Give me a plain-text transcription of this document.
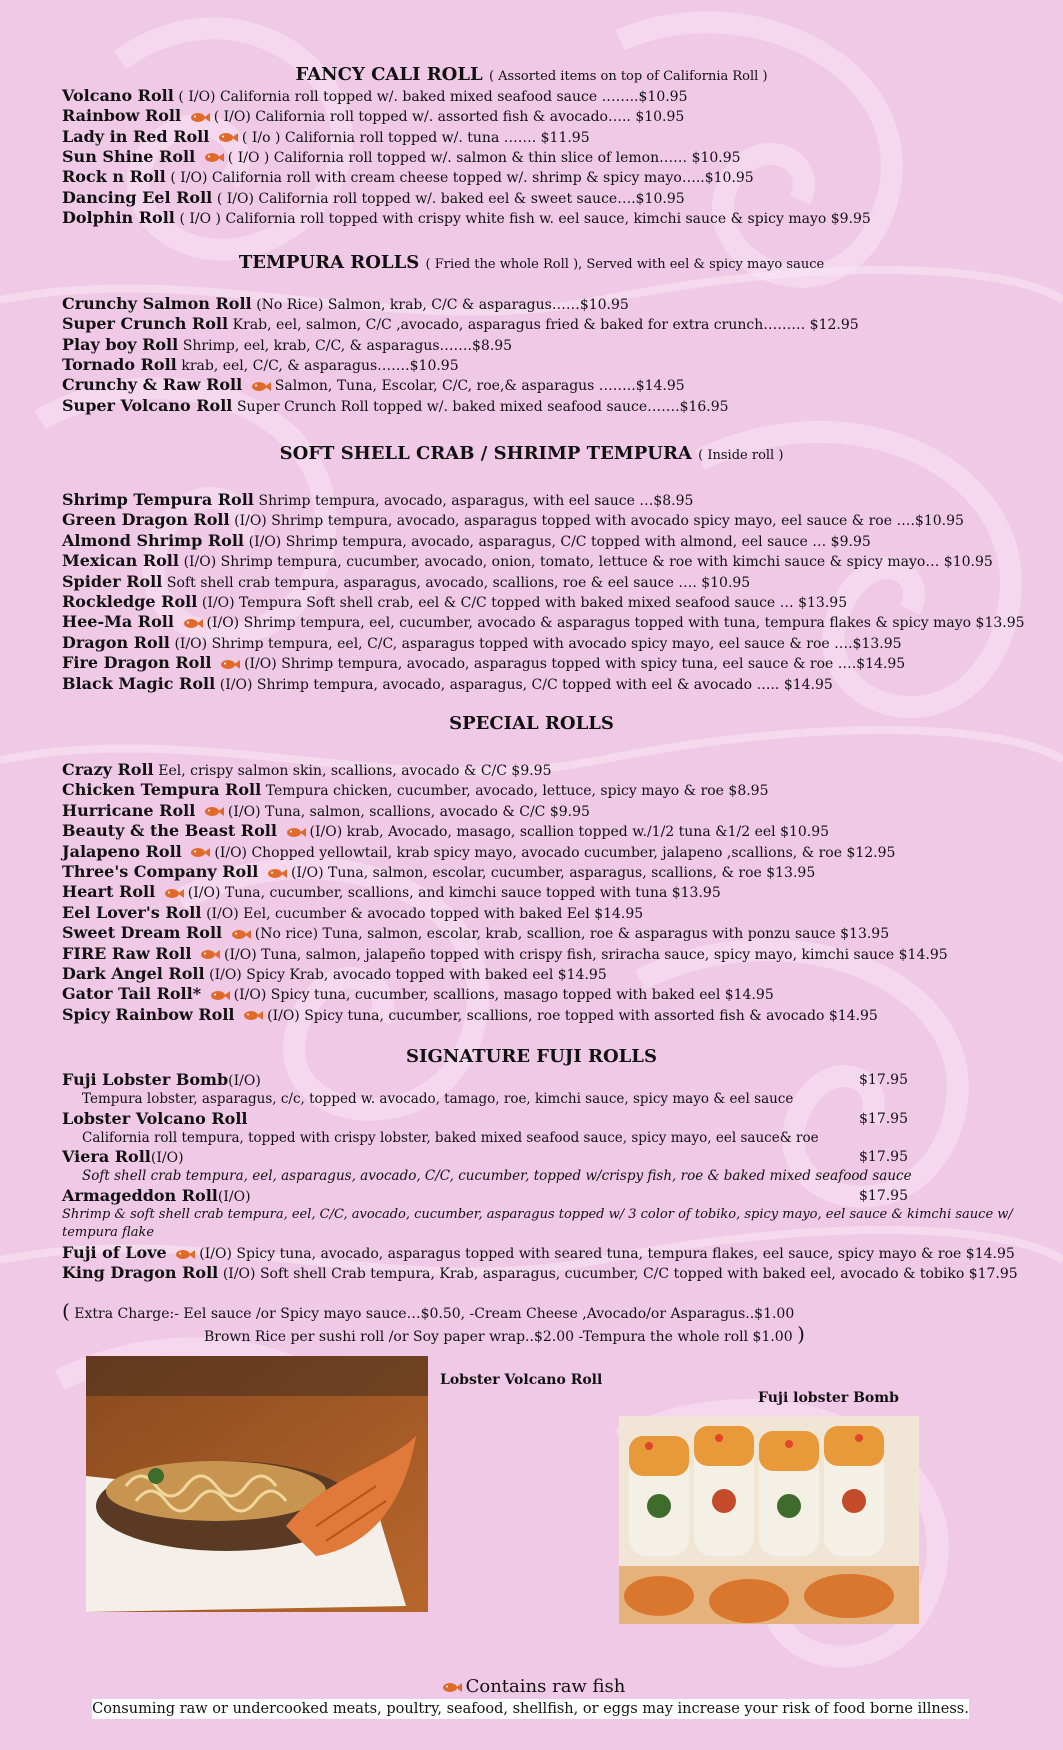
FANCY CALI ROLL ( Assorted items on top of California Roll )
Volcano Roll ( I/O) California roll topped w/. baked mixed seafood sauce ……..$10.95
Rainbow Roll ( I/O) California roll topped w/. assorted fish & avocado….. $10.95
Lady in Red Roll ( I/o ) California roll topped w/. tuna ……. $11.95
Sun Shine Roll ( I/O ) California roll topped w/. salmon & thin slice of lemon…… $10.95
Rock n Roll ( I/O) California roll with cream cheese topped w/. shrimp & spicy mayo…..$10.95
Dancing Eel Roll ( I/O) California roll topped w/. baked eel & sweet sauce….$10.95
Dolphin Roll ( I/O ) California roll topped with crispy white fish w. eel sauce, kimchi sauce & spicy mayo $9.95
TEMPURA ROLLS ( Fried the whole Roll ), Served with eel & spicy mayo sauce
Crunchy Salmon Roll (No Rice) Salmon, krab, C/C & asparagus……$10.95
Super Crunch Roll Krab, eel, salmon, C/C ,avocado, asparagus fried & baked for extra crunch……… $12.95
Play boy Roll Shrimp, eel, krab, C/C, & asparagus…….$8.95
Tornado Roll krab, eel, C/C, & asparagus…….$10.95
Crunchy & Raw Roll Salmon, Tuna, Escolar, C/C, roe,& asparagus ……..$14.95
Super Volcano Roll Super Crunch Roll topped w/. baked mixed seafood sauce…….$16.95
SOFT SHELL CRAB / SHRIMP TEMPURA ( Inside roll )
Shrimp Tempura Roll Shrimp tempura, avocado, asparagus, with eel sauce …$8.95
Green Dragon Roll (I/O) Shrimp tempura, avocado, asparagus topped with avocado spicy mayo, eel sauce & roe ….$10.95
Almond Shrimp Roll (I/O) Shrimp tempura, avocado, asparagus, C/C topped with almond, eel sauce … $9.95
Mexican Roll (I/O) Shrimp tempura, cucumber, avocado, onion, tomato, lettuce & roe with kimchi sauce & spicy mayo… $10.95
Spider Roll Soft shell crab tempura, asparagus, avocado, scallions, roe & eel sauce …. $10.95
Rockledge Roll (I/O) Tempura Soft shell crab, eel & C/C topped with baked mixed seafood sauce … $13.95
Hee-Ma Roll (I/O) Shrimp tempura, eel, cucumber, avocado & asparagus topped with tuna, tempura flakes & spicy mayo $13.95
Dragon Roll (I/O) Shrimp tempura, eel, C/C, asparagus topped with avocado spicy mayo, eel sauce & roe ….$13.95
Fire Dragon Roll (I/O) Shrimp tempura, avocado, asparagus topped with spicy tuna, eel sauce & roe ….$14.95
Black Magic Roll (I/O) Shrimp tempura, avocado, asparagus, C/C topped with eel & avocado ….. $14.95
SPECIAL ROLLS
Crazy Roll Eel, crispy salmon skin, scallions, avocado & C/C $9.95
Chicken Tempura Roll Tempura chicken, cucumber, avocado, lettuce, spicy mayo & roe $8.95
Hurricane Roll (I/O) Tuna, salmon, scallions, avocado & C/C $9.95
Beauty & the Beast Roll (I/O) krab, Avocado, masago, scallion topped w./1/2 tuna &1/2 eel $10.95
Jalapeno Roll (I/O) Chopped yellowtail, krab spicy mayo, avocado cucumber, jalapeno ,scallions, & roe $12.95
Three's Company Roll (I/O) Tuna, salmon, escolar, cucumber, asparagus, scallions, & roe $13.95
Heart Roll (I/O) Tuna, cucumber, scallions, and kimchi sauce topped with tuna $13.95
Eel Lover's Roll (I/O) Eel, cucumber & avocado topped with baked Eel $14.95
Sweet Dream Roll (No rice) Tuna, salmon, escolar, krab, scallion, roe & asparagus with ponzu sauce $13.95
FIRE Raw Roll (I/O) Tuna, salmon, jalapeño topped with crispy fish, sriracha sauce, spicy mayo, kimchi sauce $14.95
Dark Angel Roll (I/O) Spicy Krab, avocado topped with baked eel $14.95
Gator Tail Roll* (I/O) Spicy tuna, cucumber, scallions, masago topped with baked eel $14.95
Spicy Rainbow Roll (I/O) Spicy tuna, cucumber, scallions, roe topped with assorted fish & avocado $14.95
SIGNATURE FUJI ROLLS
Fuji Lobster Bomb(I/O)	$17.95
Tempura lobster, asparagus, c/c, topped w. avocado, tamago, roe, kimchi sauce, spicy mayo & eel sauce
Lobster Volcano Roll	$17.95
California roll tempura, topped with crispy lobster, baked mixed seafood sauce, spicy mayo, eel sauce& roe
Viera Roll(I/O)	$17.95
Soft shell crab tempura, eel, asparagus, avocado, C/C, cucumber, topped w/crispy fish, roe & baked mixed seafood sauce
Armageddon Roll(I/O)	$17.95
Shrimp & soft shell crab tempura, eel, C/C, avocado, cucumber, asparagus topped w/ 3 color of tobiko, spicy mayo, eel sauce & kimchi sauce w/
tempura flake
Fuji of Love (I/O) Spicy tuna, avocado, asparagus topped with seared tuna, tempura flakes, eel sauce, spicy mayo & roe $14.95
King Dragon Roll (I/O) Soft shell Crab tempura, Krab, asparagus, cucumber, C/C topped with baked eel, avocado & tobiko $17.95
( Extra Charge:- Eel sauce /or Spicy mayo sauce…$0.50, -Cream Cheese ,Avocado/or Asparagus..$1.00
Brown Rice per sushi roll /or Soy paper wrap..$2.00 -Tempura the whole roll $1.00 )
Lobster Volcano Roll
Fuji lobster Bomb
Contains raw fish
Consuming raw or undercooked meats, poultry, seafood, shellfish, or eggs may increase your risk of food borne illness.
